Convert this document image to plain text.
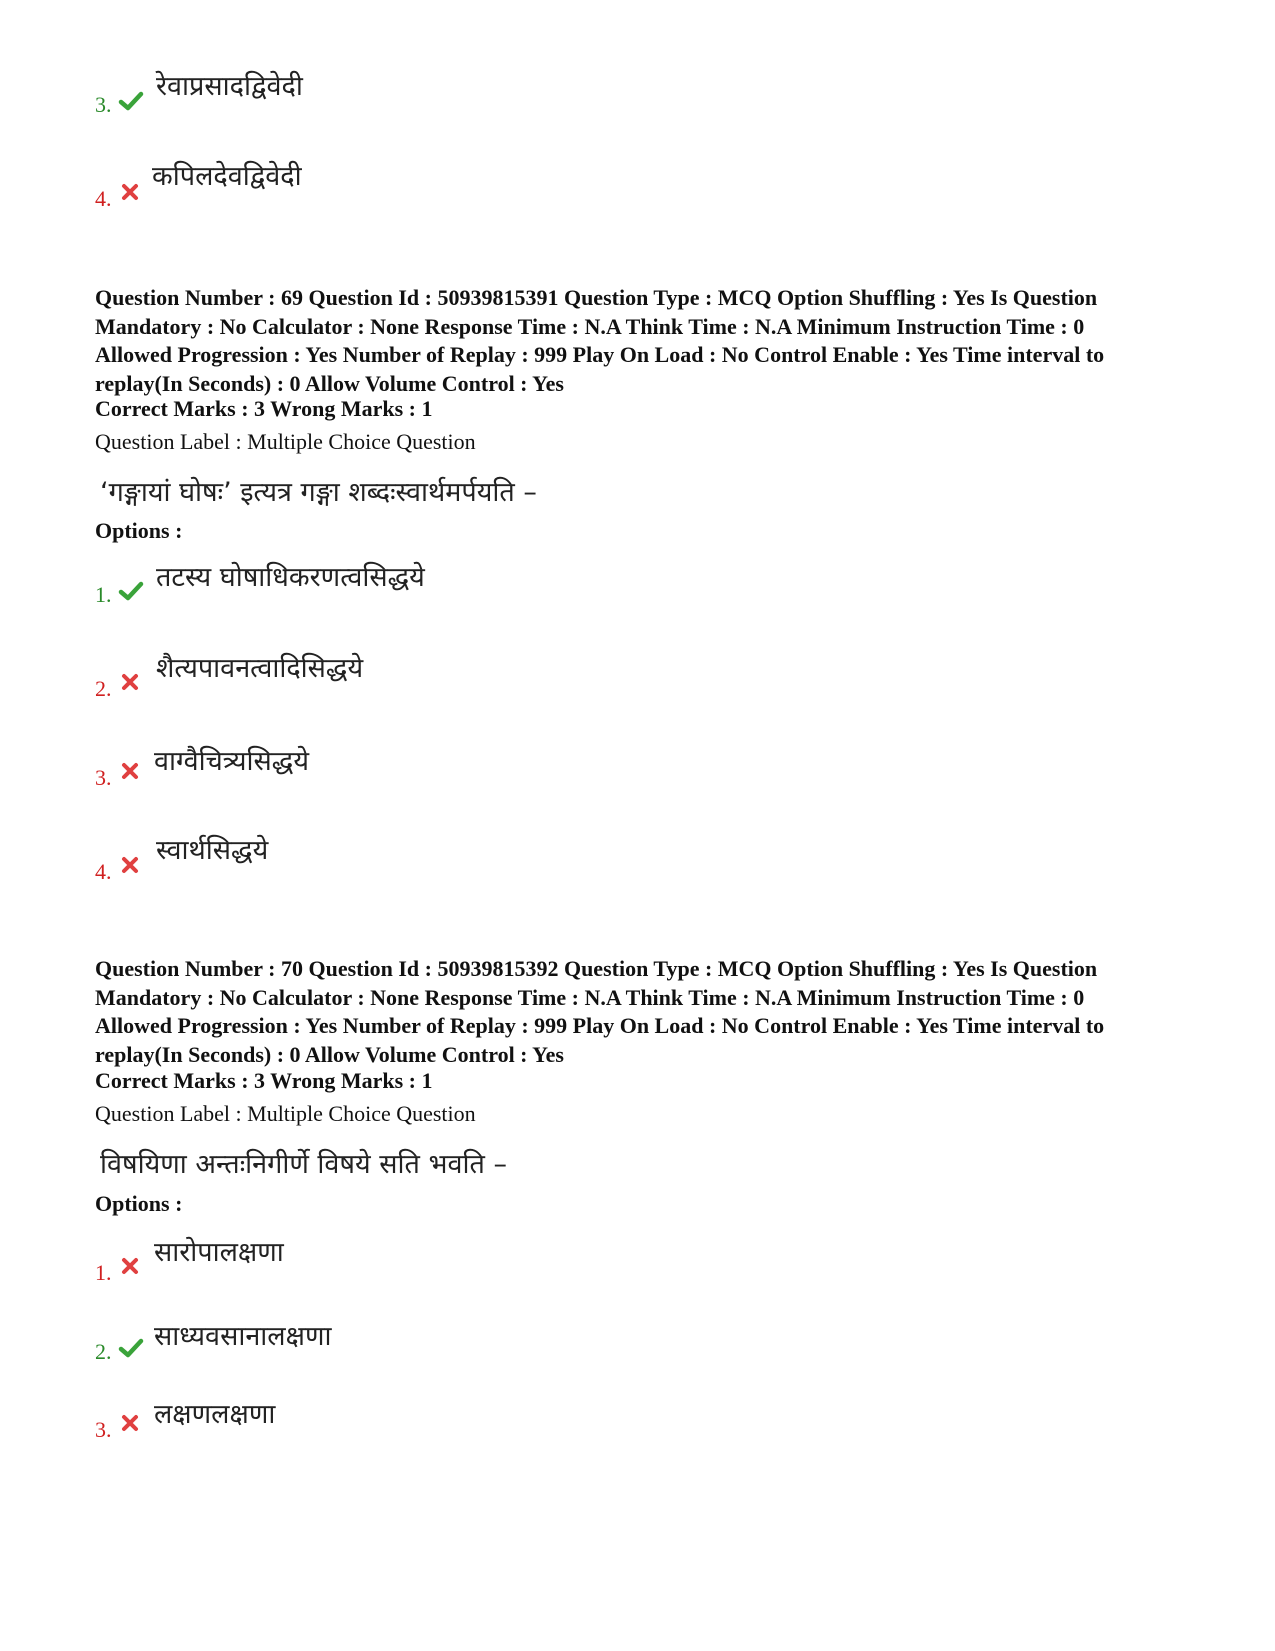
3.
रेवाप्रसादद्विवेदी
4.
कपिलदेवद्विवेदी
Question Number : 69 Question Id : 50939815391 Question Type : MCQ Option Shuffling : Yes Is Question Mandatory : No Calculator : None Response Time : N.A Think Time : N.A Minimum Instruction Time : 0 Allowed Progression : Yes Number of Replay : 999 Play On Load : No Control Enable : Yes Time interval to replay(In Seconds) : 0 Allow Volume Control : Yes
Correct Marks : 3 Wrong Marks : 1
Question Label : Multiple Choice Question
‘गङ्गायां घोषः’ इत्यत्र गङ्गा शब्दःस्वार्थमर्पयति –
Options :
1.
तटस्य घोषाधिकरणत्वसिद्धये
2.
शैत्यपावनत्वादिसिद्धये
3.
वाग्वैचित्र्यसिद्धये
4.
स्वार्थसिद्धये
Question Number : 70 Question Id : 50939815392 Question Type : MCQ Option Shuffling : Yes Is Question Mandatory : No Calculator : None Response Time : N.A Think Time : N.A Minimum Instruction Time : 0 Allowed Progression : Yes Number of Replay : 999 Play On Load : No Control Enable : Yes Time interval to replay(In Seconds) : 0 Allow Volume Control : Yes
Correct Marks : 3 Wrong Marks : 1
Question Label : Multiple Choice Question
विषयिणा अन्तःनिगीर्णे विषये सति भवति –
Options :
1.
सारोपालक्षणा
2. साध्यवसानालक्षणा
3. लक्षणलक्षणा
